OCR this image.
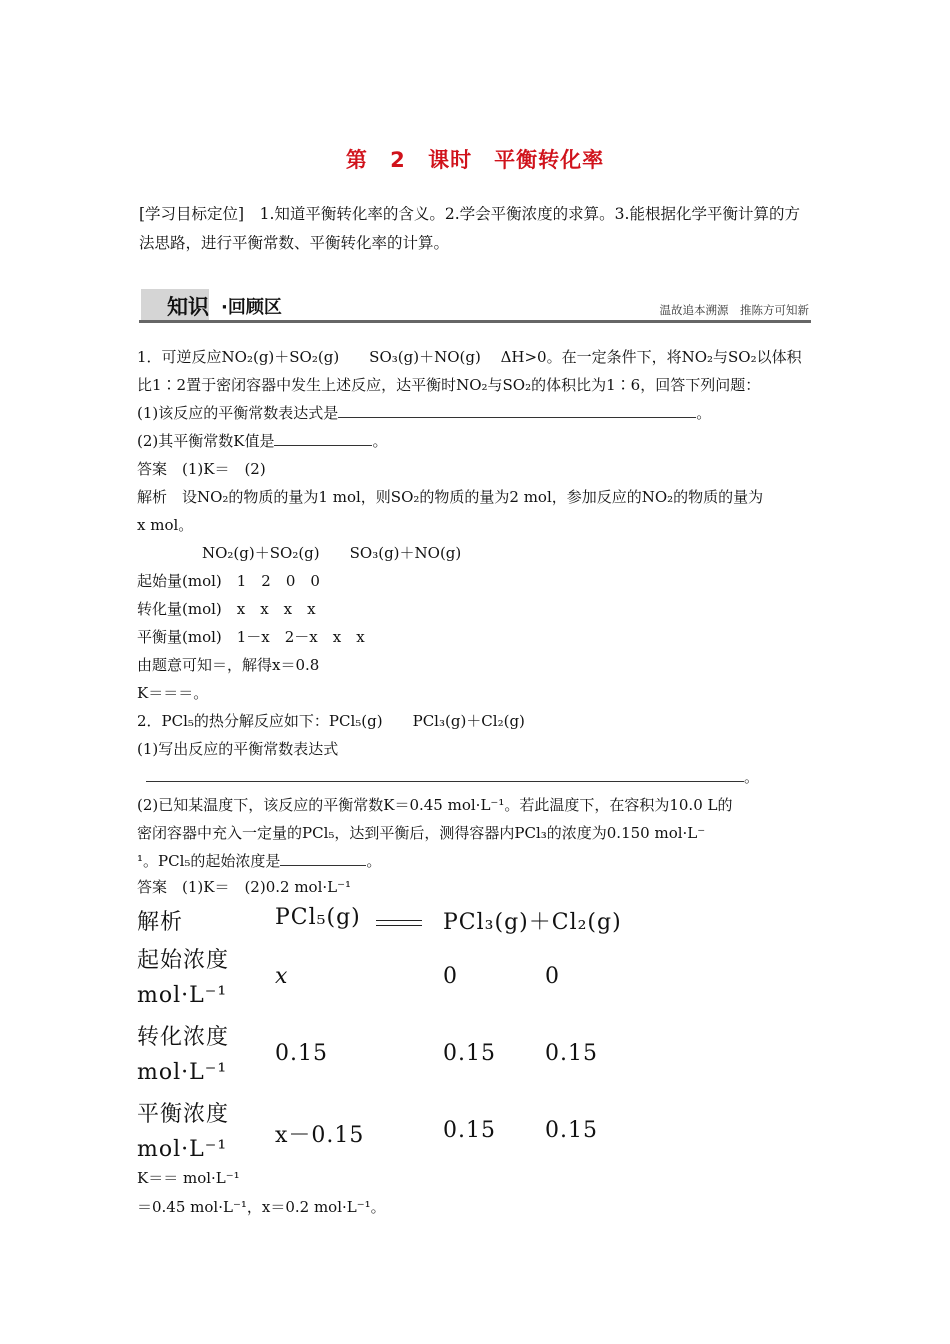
第 2 课时　平衡转化率
[学习目标定位]　1.知道平衡转化率的含义。2.学会平衡浓度的求算。3.能根据化学平衡计算的方法思路，进行平衡常数、平衡转化率的计算。
知识 ·回顾区	温故追本溯源　推陈方可知新
1．可逆反应NO₂(g)＋SO₂(g)　　SO₃(g)＋NO(g)　 ΔH>0。在一定条件下，将NO₂与SO₂以体积
比1∶2置于密闭容器中发生上述反应，达平衡时NO₂与SO₂的体积比为1∶6，回答下列问题：
(1)该反应的平衡常数表达式是	。
(2)其平衡常数K值是	。
答案　(1)K＝　(2)
解析　设NO₂的物质的量为1 mol，则SO₂的物质的量为2 mol，参加反应的NO₂的物质的量为
x mol。
NO₂(g)＋SO₂(g)　　SO₃(g)＋NO(g)
起始量(mol)　1　2　0　0
转化量(mol)　x　x　x　x
平衡量(mol)　1－x　2－x　x　x
由题意可知＝，解得x＝0.8
K＝＝＝。
2．PCl₅的热分解反应如下：PCl₅(g)　　PCl₃(g)＋Cl₂(g)
(1)写出反应的平衡常数表达式
。
(2)已知某温度下，该反应的平衡常数K＝0.45 mol·L⁻¹。若此温度下，在容积为10.0 L的
密闭容器中充入一定量的PCl₅，达到平衡后，测得容器内PCl₃的浓度为0.150 mol·L⁻
¹。PCl₅的起始浓度是	。
答案　(1)K＝　(2)0.2 mol·L⁻¹
解析	PCl₅(g)	PCl₃(g)＋Cl₂(g)
起始浓度
mol·L⁻¹
x	0	0
转化浓度
mol·L⁻¹
0.15	0.15 0.15
平衡浓度
mol·L⁻¹
x－0.15	0.15 0.15
K＝＝ mol·L⁻¹
＝0.45 mol·L⁻¹，x＝0.2 mol·L⁻¹。
